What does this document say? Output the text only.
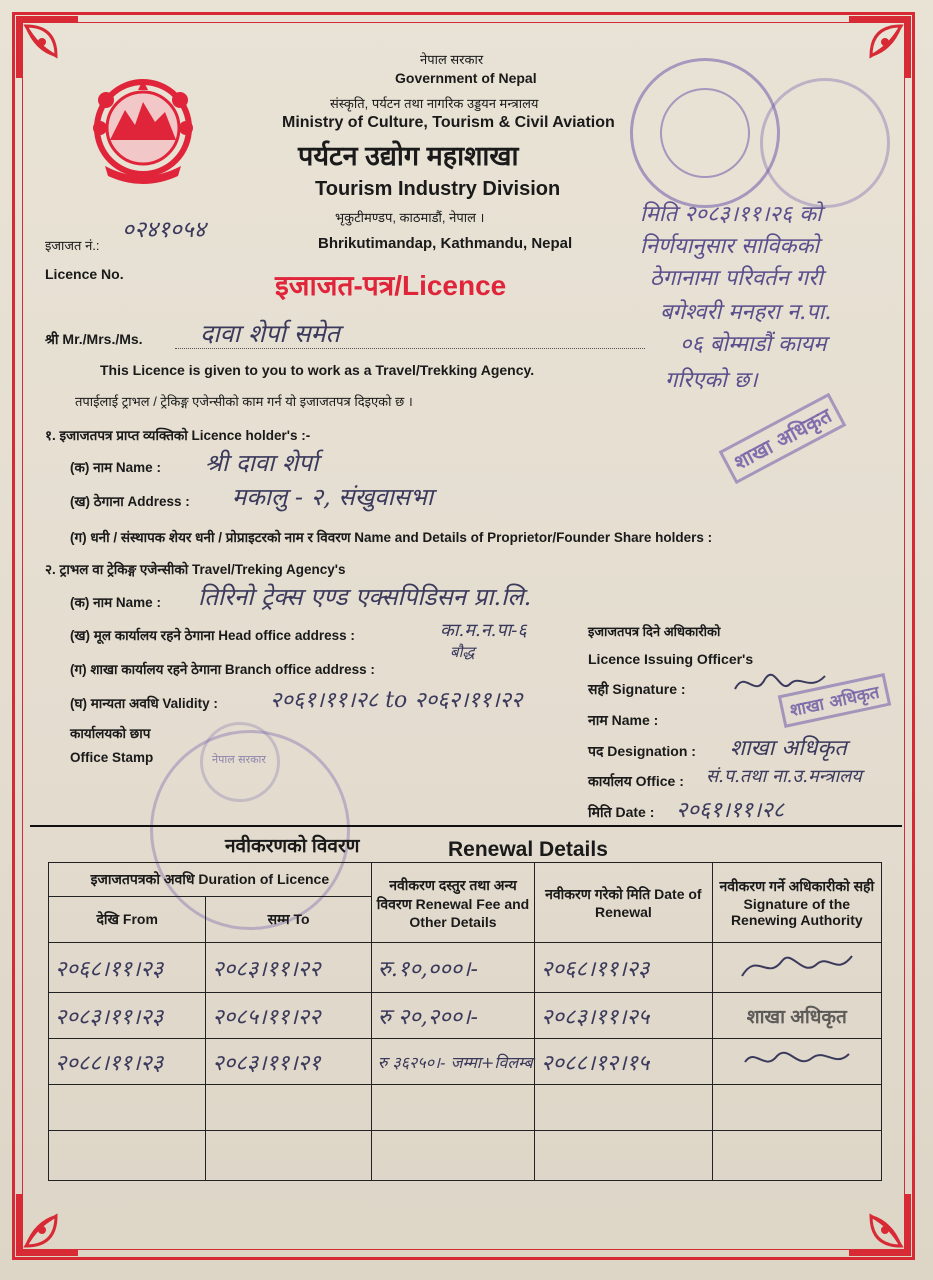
नेपाल सरकार
Government of Nepal
संस्कृति, पर्यटन तथा नागरिक उड्डयन मन्त्रालय
Ministry of Culture, Tourism & Civil Aviation
पर्यटन उद्योग महाशाखा
Tourism Industry Division
भृकुटीमण्डप, काठमाडौं, नेपाल ।
Bhrikutimandap, Kathmandu, Nepal
इजाजत-पत्र/Licence
इजाजत नं.:
०२४१०५४
Licence No.
मिति २०८३।११।२६ को
निर्णयानुसार साविकको
ठेगानामा परिवर्तन गरी
बगेश्वरी मनहरा न.पा.
०६ बोम्माडौं कायम
गरिएको छ।
शाखा अधिकृत
श्री Mr./Mrs./Ms. दावा शेर्पा समेत
This Licence is given to you to work as a Travel/Trekking Agency.
तपाईलाई ट्राभल / ट्रेकिङ्ग एजेन्सीको काम गर्न यो इजाजतपत्र दिइएको छ ।
१. इजाजतपत्र प्राप्त व्यक्तिको Licence holder's :-
(क) नाम Name : श्री दावा शेर्पा
(ख) ठेगाना Address : मकालु - २, संखुवासभा
(ग) धनी / संस्थापक शेयर धनी / प्रोप्राइटरको नाम र विवरण Name and Details of Proprietor/Founder Share holders :
२. ट्राभल वा ट्रेकिङ्ग एजेन्सीको Travel/Treking Agency's
(क) नाम Name : तिरिनो ट्रेक्स एण्ड एक्सपिडिसन प्रा.लि.
(ख) मूल कार्यालय रहने ठेगाना Head office address :	का.म.न.पा-६
बौद्ध
(ग) शाखा कार्यालय रहने ठेगाना Branch office address :
(घ) मान्यता अवधि Validity : २०६१।११।२८ to २०६२।११।२२
कार्यालयको छाप
Office Stamp	नेपाल सरकार
इजाजतपत्र दिने अधिकारीको
Licence Issuing Officer's
सही Signature :	शाखा अधिकृत
नाम Name :
पद Designation : शाखा अधिकृत
कार्यालय Office : सं.प.तथा ना.उ.मन्त्रालय
मिति Date : २०६१।११।२८
नवीकरणको विवरण	Renewal Details
इजाजतपत्रको अवधि Duration of Licence		नवीकरण दस्तुर तथा अन्य विवरण Renewal Fee and Other Details	नवीकरण गरेको मिति Date of Renewal	नवीकरण गर्ने अधिकारीको सही Signature of the Renewing Authority
देखि From	सम्म To			
२०६८।११।२३	२०८३।११।२२	रु.१०,०००।-	२०६८।११।२३	
२०८३।११।२३	२०८५।११।२२	रु २०,२००।-	२०८३।११।२५	शाखा अधिकृत
२०८८।११।२३	२०८३।११।२१	रु ३६२५०।- जम्मा+विलम्ब	२०८८।१२।१५	
